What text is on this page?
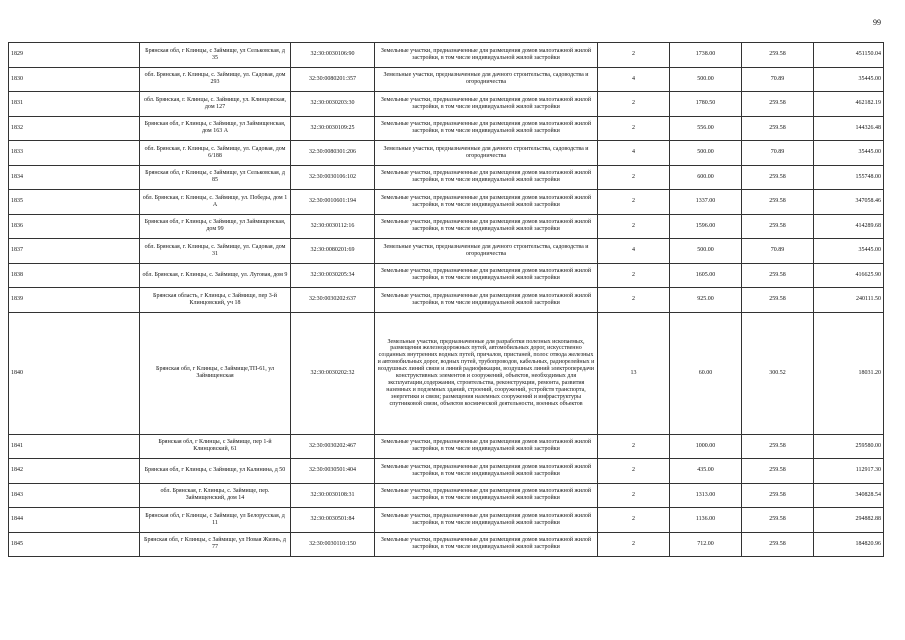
99
1829	Брянская обл, г Клинцы, с Займище, ул Сельковская, д 35	32:30:0030106:90	Земельные участки, предназначенные для размещения домов малоэтажной жилой застройки, в том числе индивидуальной жилой застройки	2	1738.00	259.58	451150.04
1830	обл. Брянская, г. Клинцы, с. Займище, ул. Садовая, дом 293	32:30:0080201:357	Земельные участки, предназначенные для дачного строительства, садоводства и огородничества	4	500.00	70.89	35445.00
1831	обл. Брянская, г. Клинцы, с. Займище, ул. Клинцовская, дом 127	32:30:0030203:30	Земельные участки, предназначенные для размещения домов малоэтажной жилой застройки, в том числе индивидуальной жилой застройки	2	1780.50	259.58	462182.19
1832	Брянская обл, г Клинцы, с Займище, ул Займищенская, дом 163 А	32:30:0030109:25	Земельные участки, предназначенные для размещения домов малоэтажной жилой застройки, в том числе индивидуальной жилой застройки	2	556.00	259.58	144326.48
1833	обл. Брянская, г. Клинцы, с. Займище, ул. Садовая, дом 6/188	32:30:0080301:206	Земельные участки, предназначенные для дачного строительства, садоводства и огородничества	4	500.00	70.89	35445.00
1834	Брянская обл, г Клинцы, с Займище, ул Сельковская, д 85	32:30:0030106:102	Земельные участки, предназначенные для размещения домов малоэтажной жилой застройки, в том числе индивидуальной жилой застройки	2	600.00	259.58	155748.00
1835	обл. Брянская, г. Клинцы, с. Займище, ул. Победы, дом 1 А	32:30:0010601:194	Земельные участки, предназначенные для размещения домов малоэтажной жилой застройки, в том числе индивидуальной жилой застройки	2	1337.00	259.58	347058.46
1836	Брянская обл, г Клинцы, с Займище, ул Займищенская, дом 99	32:30:0030112:16	Земельные участки, предназначенные для размещения домов малоэтажной жилой застройки, в том числе индивидуальной жилой застройки	2	1596.00	259.58	414289.68
1837	обл. Брянская, г. Клинцы, с. Займище, ул. Садовая, дом 31	32:30:0080201:69	Земельные участки, предназначенные для дачного строительства, садоводства и огородничества	4	500.00	70.89	35445.00
1838	обл. Брянская, г. Клинцы, с. Займище, ул. Луговая, дом 9	32:30:0030205:34	Земельные участки, предназначенные для размещения домов малоэтажной жилой застройки, в том числе индивидуальной жилой застройки	2	1605.00	259.58	416625.90
1839	Брянская область, г Клинцы, с Займище, пер 3-й Клинцовский, уч 18	32:30:0030202:637	Земельные участки, предназначенные для размещения домов малоэтажной жилой застройки, в том числе индивидуальной жилой застройки	2	925.00	259.58	240111.50
1840	Брянская обл, г Клинцы, с Займище,ТП-61, ул Займищенская	32:30:0030202:32	Земельные участки, предназначенные для разработки полезных ископаемых, размещения железнодорожных путей, автомобильных дорог, искусственно созданных внутренних водных путей, причалов, пристаней, полос отвода железных и автомобильных дорог, водных путей, трубопроводов, кабельных, радиорелейных и воздушных линий связи и линий радиофикации, воздушных линий электропередачи конструктивных элементов и сооружений, объектов, необходимых для эксплуатации,содержания, строительства, реконструкции, ремонта, развития наземных и подземных зданий, строений, сооружений, устройств транспорта, энергетики и связи; размещения наземных сооружений и инфраструктуры спутниковой связи, объектов космической деятельности, военных объектов	13	60.00	300.52	18031.20
1841	Брянская обл, г Клинцы, с Займище, пер 1-й Клинцовский, 61	32:30:0030202:467	Земельные участки, предназначенные для размещения домов малоэтажной жилой застройки, в том числе индивидуальной жилой застройки	2	1000.00	259.58	259580.00
1842	Брянская обл, г Клинцы, с Займище, ул Калинина, д 50	32:30:0030501:404	Земельные участки, предназначенные для размещения домов малоэтажной жилой застройки, в том числе индивидуальной жилой застройки	2	435.00	259.58	112917.30
1843	обл. Брянская, г. Клинцы, с. Займище, пер. Займищенский, дом 14	32:30:0030108:31	Земельные участки, предназначенные для размещения домов малоэтажной жилой застройки, в том числе индивидуальной жилой застройки	2	1313.00	259.58	340828.54
1844	Брянская обл, г Клинцы, с Займище, ул Белорусская, д 11	32:30:0030501:84	Земельные участки, предназначенные для размещения домов малоэтажной жилой застройки, в том числе индивидуальной жилой застройки	2	1136.00	259.58	294882.88
1845	Брянская обл, г Клинцы, с Займище, ул Новая Жизнь, д 77	32:30:0030110:150	Земельные участки, предназначенные для размещения домов малоэтажной жилой застройки, в том числе индивидуальной жилой застройки	2	712.00	259.58	184820.96
